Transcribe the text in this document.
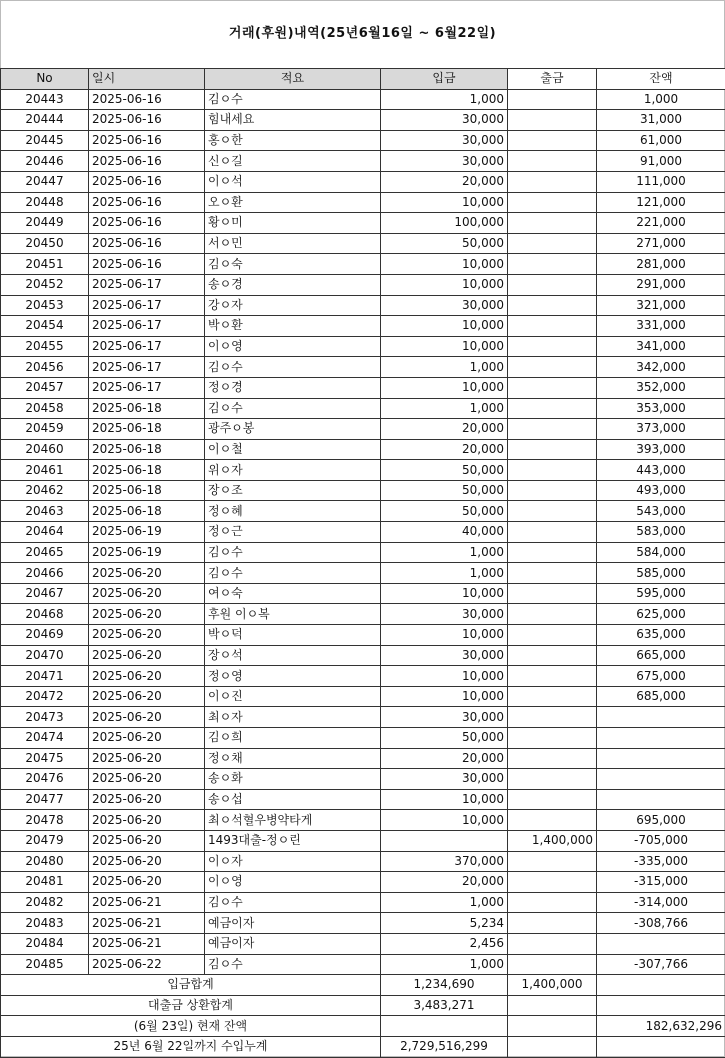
거래(후원)내역(25년6월16일 ~ 6월22일)
No	일시	적요	입금	출금	잔액
20443	2025-06-16	김ㅇ수	1,000		1,000
20444	2025-06-16	힘내세요	30,000		31,000
20445	2025-06-16	홍ㅇ한	30,000		61,000
20446	2025-06-16	신ㅇ길	30,000		91,000
20447	2025-06-16	이ㅇ석	20,000		111,000
20448	2025-06-16	오ㅇ환	10,000		121,000
20449	2025-06-16	황ㅇ미	100,000		221,000
20450	2025-06-16	서ㅇ민	50,000		271,000
20451	2025-06-16	김ㅇ숙	10,000		281,000
20452	2025-06-17	송ㅇ경	10,000		291,000
20453	2025-06-17	강ㅇ자	30,000		321,000
20454	2025-06-17	박ㅇ환	10,000		331,000
20455	2025-06-17	이ㅇ영	10,000		341,000
20456	2025-06-17	김ㅇ수	1,000		342,000
20457	2025-06-17	정ㅇ경	10,000		352,000
20458	2025-06-18	김ㅇ수	1,000		353,000
20459	2025-06-18	광주ㅇ봉	20,000		373,000
20460	2025-06-18	이ㅇ철	20,000		393,000
20461	2025-06-18	위ㅇ자	50,000		443,000
20462	2025-06-18	장ㅇ조	50,000		493,000
20463	2025-06-18	정ㅇ혜	50,000		543,000
20464	2025-06-19	정ㅇ근	40,000		583,000
20465	2025-06-19	김ㅇ수	1,000		584,000
20466	2025-06-20	김ㅇ수	1,000		585,000
20467	2025-06-20	여ㅇ숙	10,000		595,000
20468	2025-06-20	후원 이ㅇ복	30,000		625,000
20469	2025-06-20	박ㅇ덕	10,000		635,000
20470	2025-06-20	장ㅇ석	30,000		665,000
20471	2025-06-20	정ㅇ영	10,000		675,000
20472	2025-06-20	이ㅇ진	10,000		685,000
20473	2025-06-20	최ㅇ자	30,000		
20474	2025-06-20	김ㅇ희	50,000		
20475	2025-06-20	정ㅇ채	20,000		
20476	2025-06-20	송ㅇ화	30,000		
20477	2025-06-20	송ㅇ섭	10,000		
20478	2025-06-20	최ㅇ석혈우병약타게	10,000		695,000
20479	2025-06-20	1493대출-정ㅇ린		1,400,000	-705,000
20480	2025-06-20	이ㅇ자	370,000		-335,000
20481	2025-06-20	이ㅇ영	20,000		-315,000
20482	2025-06-21	김ㅇ수	1,000		-314,000
20483	2025-06-21	예금이자	5,234		-308,766
20484	2025-06-21	예금이자	2,456		
20485	2025-06-22	김ㅇ수	1,000		-307,766
입금합계			1,234,690	1,400,000	
대출금 상환합계			3,483,271		
(6월 23일) 현재 잔액					182,632,296
25년 6월 22일까지 수입누계			2,729,516,299		
